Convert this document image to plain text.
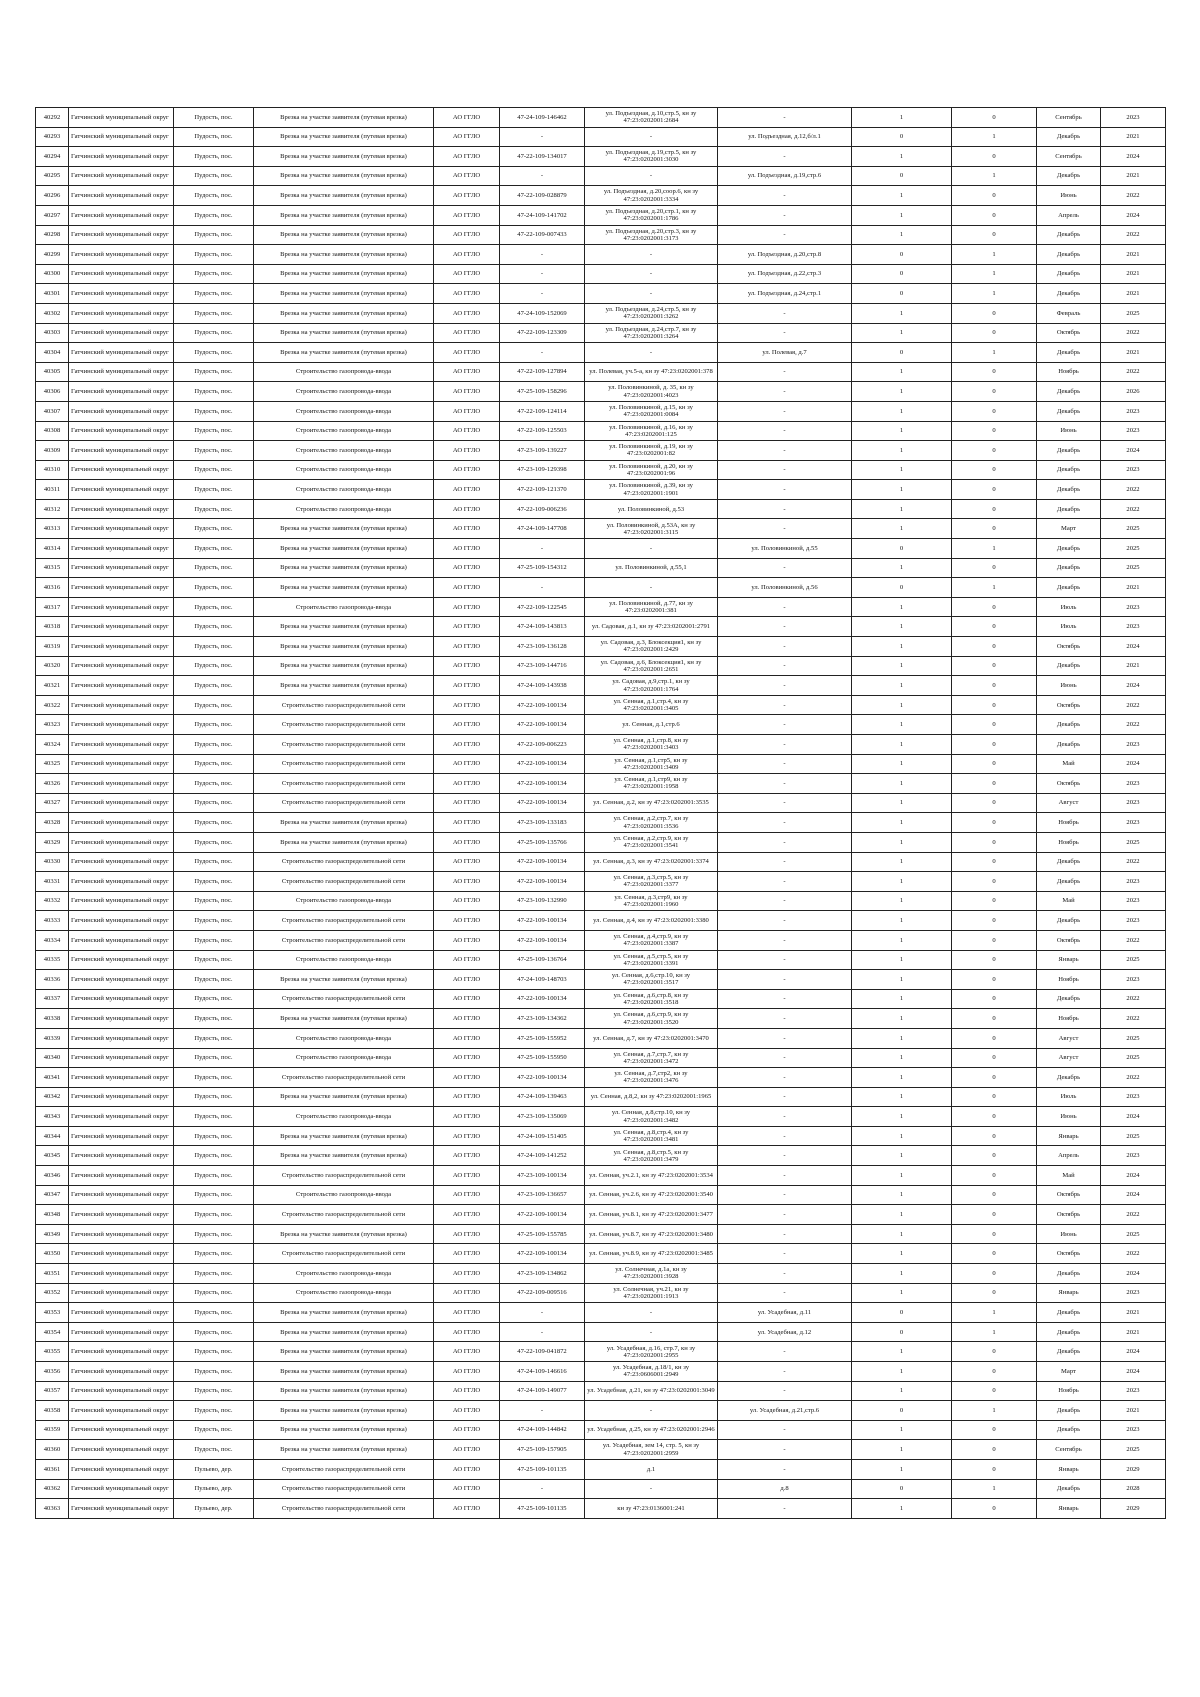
40292	Гатчинский муниципальный округ	Пудость, пос.	Врезка на участке заявителя (путевая врезка)	АО ГГЛО	47-24-109-146462	ул. Подъездная, д.10,стр.5, кн зу 47:23:0202001:2684	-	1	0	Сентябрь	2023
40293	Гатчинский муниципальный округ	Пудость, пос.	Врезка на участке заявителя (путевая врезка)	АО ГГЛО	-	-	ул. Подъездная, д.12,б/л.1	0	1	Декабрь	2021
40294	Гатчинский муниципальный округ	Пудость, пос.	Врезка на участке заявителя (путевая врезка)	АО ГГЛО	47-22-109-134017	ул. Подъездная, д.19,стр.5, кн зу 47:23:0202001:3030	-	1	0	Сентябрь	2024
40295	Гатчинский муниципальный округ	Пудость, пос.	Врезка на участке заявителя (путевая врезка)	АО ГГЛО	-	-	ул. Подъездная, д.19,стр.6	0	1	Декабрь	2021
40296	Гатчинский муниципальный округ	Пудость, пос.	Врезка на участке заявителя (путевая врезка)	АО ГГЛО	47-22-109-028879	ул. Подъездная, д.20,соор.6, кн зу 47:23:0202001:3334	-	1	0	Июнь	2022
40297	Гатчинский муниципальный округ	Пудость, пос.	Врезка на участке заявителя (путевая врезка)	АО ГГЛО	47-24-109-141702	ул. Подъездная, д.20,стр.1, кн зу 47:23:0202001:1786	-	1	0	Апрель	2024
40298	Гатчинский муниципальный округ	Пудость, пос.	Врезка на участке заявителя (путевая врезка)	АО ГГЛО	47-22-109-007433	ул. Подъездная, д.20,стр.3, кн зу 47:23:0202001:3173	-	1	0	Декабрь	2022
40299	Гатчинский муниципальный округ	Пудость, пос.	Врезка на участке заявителя (путевая врезка)	АО ГГЛО	-	-	ул. Подъездная, д.20,стр.8	0	1	Декабрь	2021
40300	Гатчинский муниципальный округ	Пудость, пос.	Врезка на участке заявителя (путевая врезка)	АО ГГЛО	-	-	ул. Подъездная, д.22,стр.3	0	1	Декабрь	2021
40301	Гатчинский муниципальный округ	Пудость, пос.	Врезка на участке заявителя (путевая врезка)	АО ГГЛО	-	-	ул. Подъездная, д.24,стр.1	0	1	Декабрь	2021
40302	Гатчинский муниципальный округ	Пудость, пос.	Врезка на участке заявителя (путевая врезка)	АО ГГЛО	47-24-109-152069	ул. Подъездная, д.24,стр.5, кн зу 47:23:0202001:3262	-	1	0	Февраль	2025
40303	Гатчинский муниципальный округ	Пудость, пос.	Врезка на участке заявителя (путевая врезка)	АО ГГЛО	47-22-109-123309	ул. Подъездная, д.24,стр.7, кн зу 47:23:0202001:3264	-	1	0	Октябрь	2022
40304	Гатчинский муниципальный округ	Пудость, пос.	Врезка на участке заявителя (путевая врезка)	АО ГГЛО	-	-	ул. Полевая, д.7	0	1	Декабрь	2021
40305	Гатчинский муниципальный округ	Пудость, пос.	Строительство газопровода-ввода	АО ГГЛО	47-22-109-127894	ул. Полевая, уч.5-а, кн зу 47:23:0202001:378	-	1	0	Ноябрь	2022
40306	Гатчинский муниципальный округ	Пудость, пос.	Строительство газопровода-ввода	АО ГГЛО	47-25-109-158296	ул. Половинкиной, д. 35, кн зу 47:23:0202001:4023	-	1	0	Декабрь	2026
40307	Гатчинский муниципальный округ	Пудость, пос.	Строительство газопровода-ввода	АО ГГЛО	47-22-109-124114	ул. Половинкиной, д.15, кн зу 47:23:0202001:0084	-	1	0	Декабрь	2023
40308	Гатчинский муниципальный округ	Пудость, пос.	Строительство газопровода-ввода	АО ГГЛО	47-22-109-125503	ул. Половинкиной, д.16, кн зу 47:23:0202001:125	-	1	0	Июнь	2023
40309	Гатчинский муниципальный округ	Пудость, пос.	Строительство газопровода-ввода	АО ГГЛО	47-23-109-139227	ул. Половинкиной, д.19, кн зу 47:23:0202001:82	-	1	0	Декабрь	2024
40310	Гатчинский муниципальный округ	Пудость, пос.	Строительство газопровода-ввода	АО ГГЛО	47-23-109-129398	ул. Половинкиной, д.20, кн зу 47:23:0202001:96	-	1	0	Декабрь	2023
40311	Гатчинский муниципальный округ	Пудость, пос.	Строительство газопровода-ввода	АО ГГЛО	47-22-109-121370	ул. Половинкиной, д.39, кн зу 47:23:0202001:1901	-	1	0	Декабрь	2022
40312	Гатчинский муниципальный округ	Пудость, пос.	Строительство газопровода-ввода	АО ГГЛО	47-22-109-006236	ул. Половинкиной, д.53	-	1	0	Декабрь	2022
40313	Гатчинский муниципальный округ	Пудость, пос.	Врезка на участке заявителя (путевая врезка)	АО ГГЛО	47-24-109-147708	ул. Половинкиной, д.53А, кн зу 47:23:0202001:3115	-	1	0	Март	2025
40314	Гатчинский муниципальный округ	Пудость, пос.	Врезка на участке заявителя (путевая врезка)	АО ГГЛО	-	-	ул. Половинкиной, д.55	0	1	Декабрь	2025
40315	Гатчинский муниципальный округ	Пудость, пос.	Врезка на участке заявителя (путевая врезка)	АО ГГЛО	47-25-109-154312	ул. Половинкиной, д.55,1	-	1	0	Декабрь	2025
40316	Гатчинский муниципальный округ	Пудость, пос.	Врезка на участке заявителя (путевая врезка)	АО ГГЛО	-	-	ул. Половинкиной, д.56	0	1	Декабрь	2021
40317	Гатчинский муниципальный округ	Пудость, пос.	Строительство газопровода-ввода	АО ГГЛО	47-22-109-122545	ул. Половинкиной, д.77, кн зу 47:23:0202001:381	-	1	0	Июль	2023
40318	Гатчинский муниципальный округ	Пудость, пос.	Врезка на участке заявителя (путевая врезка)	АО ГГЛО	47-24-109-143813	ул. Садовая, д.1, кн зу 47:23:0202001:2791	-	1	0	Июль	2023
40319	Гатчинский муниципальный округ	Пудость, пос.	Врезка на участке заявителя (путевая врезка)	АО ГГЛО	47-23-109-136128	ул. Садовая, д.3, Блоксекция1, кн зу 47:23:0202001:2429	-	1	0	Октябрь	2024
40320	Гатчинский муниципальный округ	Пудость, пос.	Врезка на участке заявителя (путевая врезка)	АО ГГЛО	47-23-109-144716	ул. Садовая, д.6, Блоксекция1, кн зу 47:23:0202001:2651	-	1	0	Декабрь	2021
40321	Гатчинский муниципальный округ	Пудость, пос.	Врезка на участке заявителя (путевая врезка)	АО ГГЛО	47-24-109-143938	ул. Садовая, д.9,стр.1, кн зу 47:23:0202001:1764	-	1	0	Июнь	2024
40322	Гатчинский муниципальный округ	Пудость, пос.	Строительство газораспределительной сети	АО ГГЛО	47-22-109-100134	ул. Сенная, д.1,стр.4, кн зу 47:23:0202001:3405	-	1	0	Октябрь	2022
40323	Гатчинский муниципальный округ	Пудость, пос.	Строительство газораспределительной сети	АО ГГЛО	47-22-109-100134	ул. Сенная, д.1,стр.6	-	1	0	Декабрь	2022
40324	Гатчинский муниципальный округ	Пудость, пос.	Строительство газораспределительной сети	АО ГГЛО	47-22-109-006223	ул. Сенная, д.1,стр.8, кн зу 47:23:0202001:3403	-	1	0	Декабрь	2023
40325	Гатчинский муниципальный округ	Пудость, пос.	Строительство газораспределительной сети	АО ГГЛО	47-22-109-100134	ул. Сенная, д.1,стр5, кн зу 47:23:0202001:3409	-	1	0	Май	2024
40326	Гатчинский муниципальный округ	Пудость, пос.	Строительство газораспределительной сети	АО ГГЛО	47-22-109-100134	ул. Сенная, д.1,стр9, кн зу 47:23:0202001:1958	-	1	0	Октябрь	2023
40327	Гатчинский муниципальный округ	Пудость, пос.	Строительство газораспределительной сети	АО ГГЛО	47-22-109-100134	ул. Сенная, д.2, кн зу 47:23:0202001:3535	-	1	0	Август	2023
40328	Гатчинский муниципальный округ	Пудость, пос.	Врезка на участке заявителя (путевая врезка)	АО ГГЛО	47-23-109-133183	ул. Сенная, д.2,стр.7, кн зу 47:23:0202001:3536	-	1	0	Ноябрь	2023
40329	Гатчинский муниципальный округ	Пудость, пос.	Врезка на участке заявителя (путевая врезка)	АО ГГЛО	47-25-109-135766	ул. Сенная, д.2,стр.9, кн зу 47:23:0202001:3541	-	1	0	Ноябрь	2025
40330	Гатчинский муниципальный округ	Пудость, пос.	Строительство газораспределительной сети	АО ГГЛО	47-22-109-100134	ул. Сенная, д.3, кн зу 47:23:0202001:3374	-	1	0	Декабрь	2022
40331	Гатчинский муниципальный округ	Пудость, пос.	Строительство газораспределительной сети	АО ГГЛО	47-22-109-100134	ул. Сенная, д.3,стр.5, кн зу 47:23:0202001:3377	-	1	0	Декабрь	2023
40332	Гатчинский муниципальный округ	Пудость, пос.	Строительство газопровода-ввода	АО ГГЛО	47-23-109-132990	ул. Сенная, д.3,стр9, кн зу 47:23:0202001:1960	-	1	0	Май	2023
40333	Гатчинский муниципальный округ	Пудость, пос.	Строительство газораспределительной сети	АО ГГЛО	47-22-109-100134	ул. Сенная, д.4, кн зу 47:23:0202001:3380	-	1	0	Декабрь	2023
40334	Гатчинский муниципальный округ	Пудость, пос.	Строительство газораспределительной сети	АО ГГЛО	47-22-109-100134	ул. Сенная, д.4,стр.9, кн зу 47:23:0202001:3387	-	1	0	Октябрь	2022
40335	Гатчинский муниципальный округ	Пудость, пос.	Строительство газопровода-ввода	АО ГГЛО	47-25-109-136764	ул. Сенная, д.5,стр.5, кн зу 47:23:0202001:3391	-	1	0	Январь	2025
40336	Гатчинский муниципальный округ	Пудость, пос.	Врезка на участке заявителя (путевая врезка)	АО ГГЛО	47-24-109-148703	ул. Сенная, д.6,стр.10, кн зу 47:23:0202001:3517	-	1	0	Ноябрь	2023
40337	Гатчинский муниципальный округ	Пудость, пос.	Строительство газораспределительной сети	АО ГГЛО	47-22-109-100134	ул. Сенная, д.6,стр.8, кн зу 47:23:0202001:3518	-	1	0	Декабрь	2022
40338	Гатчинский муниципальный округ	Пудость, пос.	Врезка на участке заявителя (путевая врезка)	АО ГГЛО	47-23-109-134362	ул. Сенная, д.6,стр.9, кн зу 47:23:0202001:3520	-	1	0	Ноябрь	2022
40339	Гатчинский муниципальный округ	Пудость, пос.	Строительство газопровода-ввода	АО ГГЛО	47-25-109-155952	ул. Сенная, д.7, кн зу 47:23:0202001:3470	-	1	0	Август	2025
40340	Гатчинский муниципальный округ	Пудость, пос.	Строительство газопровода-ввода	АО ГГЛО	47-25-109-155950	ул. Сенная, д.7,стр.7, кн зу 47:23:0202001:3472	-	1	0	Август	2025
40341	Гатчинский муниципальный округ	Пудость, пос.	Строительство газораспределительной сети	АО ГГЛО	47-22-109-100134	ул. Сенная, д.7,стр2, кн зу 47:23:0202001:3476	-	1	0	Декабрь	2022
40342	Гатчинский муниципальный округ	Пудость, пос.	Врезка на участке заявителя (путевая врезка)	АО ГГЛО	47-24-109-139463	ул. Сенная, д.8,2, кн зу 47:23:0202001:1965	-	1	0	Июль	2023
40343	Гатчинский муниципальный округ	Пудость, пос.	Строительство газопровода-ввода	АО ГГЛО	47-23-109-135069	ул. Сенная, д.8,стр.10, кн зу 47:23:0202001:3482	-	1	0	Июнь	2024
40344	Гатчинский муниципальный округ	Пудость, пос.	Врезка на участке заявителя (путевая врезка)	АО ГГЛО	47-24-109-151405	ул. Сенная, д.8,стр.4, кн зу 47:23:0202001:3481	-	1	0	Январь	2025
40345	Гатчинский муниципальный округ	Пудость, пос.	Врезка на участке заявителя (путевая врезка)	АО ГГЛО	47-24-109-141252	ул. Сенная, д.8,стр.5, кн зу 47:23:0202001:3479	-	1	0	Апрель	2023
40346	Гатчинский муниципальный округ	Пудость, пос.	Строительство газораспределительной сети	АО ГГЛО	47-23-109-100134	ул. Сенная, уч.2.1, кн зу 47:23:0202001:3534	-	1	0	Май	2024
40347	Гатчинский муниципальный округ	Пудость, пос.	Строительство газопровода-ввода	АО ГГЛО	47-23-109-136657	ул. Сенная, уч.2.6, кн зу 47:23:0202001:3540	-	1	0	Октябрь	2024
40348	Гатчинский муниципальный округ	Пудость, пос.	Строительство газораспределительной сети	АО ГГЛО	47-22-109-100134	ул. Сенная, уч.8.1, кн зу 47:23:0202001:3477	-	1	0	Октябрь	2022
40349	Гатчинский муниципальный округ	Пудость, пос.	Врезка на участке заявителя (путевая врезка)	АО ГГЛО	47-25-109-155785	ул. Сенная, уч.8.7, кн зу 47:23:0202001:3480	-	1	0	Июнь	2025
40350	Гатчинский муниципальный округ	Пудость, пос.	Строительство газораспределительной сети	АО ГГЛО	47-22-109-100134	ул. Сенная, уч.8.9, кн зу 47:23:0202001:3485	-	1	0	Октябрь	2022
40351	Гатчинский муниципальный округ	Пудость, пос.	Строительство газопровода-ввода	АО ГГЛО	47-23-109-134862	ул. Солнечная, д.1а, кн зу 47:23:0202001:3928	-	1	0	Декабрь	2024
40352	Гатчинский муниципальный округ	Пудость, пос.	Строительство газопровода-ввода	АО ГГЛО	47-22-109-009516	ул. Солнечная, уч.21, кн зу 47:23:0202001:1913	-	1	0	Январь	2023
40353	Гатчинский муниципальный округ	Пудость, пос.	Врезка на участке заявителя (путевая врезка)	АО ГГЛО	-	-	ул. Усадебная, д.11	0	1	Декабрь	2021
40354	Гатчинский муниципальный округ	Пудость, пос.	Врезка на участке заявителя (путевая врезка)	АО ГГЛО	-	-	ул. Усадебная, д.12	0	1	Декабрь	2021
40355	Гатчинский муниципальный округ	Пудость, пос.	Врезка на участке заявителя (путевая врезка)	АО ГГЛО	47-22-109-041872	ул. Усадебная, д.16, стр.7, кн зу 47:23:0202001:2955	-	1	0	Декабрь	2024
40356	Гатчинский муниципальный округ	Пудость, пос.	Врезка на участке заявителя (путевая врезка)	АО ГГЛО	47-24-109-146616	ул. Усадебная, д.18/1, кн зу 47:23:0606001:2949	-	1	0	Март	2024
40357	Гатчинский муниципальный округ	Пудость, пос.	Врезка на участке заявителя (путевая врезка)	АО ГГЛО	47-24-109-149077	ул. Усадебная, д.21, кн зу 47:23:0202001:3049	-	1	0	Ноябрь	2023
40358	Гатчинский муниципальный округ	Пудость, пос.	Врезка на участке заявителя (путевая врезка)	АО ГГЛО	-	-	ул. Усадебная, д.21,стр.6	0	1	Декабрь	2021
40359	Гатчинский муниципальный округ	Пудость, пос.	Врезка на участке заявителя (путевая врезка)	АО ГГЛО	47-24-109-144842	ул. Усадебная, д.25, кн зу 47:23:0202001:2946	-	1	0	Декабрь	2023
40360	Гатчинский муниципальный округ	Пудость, пос.	Врезка на участке заявителя (путевая врезка)	АО ГГЛО	47-25-109-157905	ул. Усадебная, зем 14, стр. 5, кн зу 47:23:0202001:2959	-	1	0	Сентябрь	2025
40361	Гатчинский муниципальный округ	Пульево, дер.	Строительство газораспределительной сети	АО ГГЛО	47-25-109-101135	д.1	-	1	0	Январь	2029
40362	Гатчинский муниципальный округ	Пульево, дер.	Строительство газораспределительной сети	АО ГГЛО	-	-	д.8	0	1	Декабрь	2028
40363	Гатчинский муниципальный округ	Пульево, дер.	Строительство газораспределительной сети	АО ГГЛО	47-25-109-101135	кн зу 47:23:0136001:241	-	1	0	Январь	2029
